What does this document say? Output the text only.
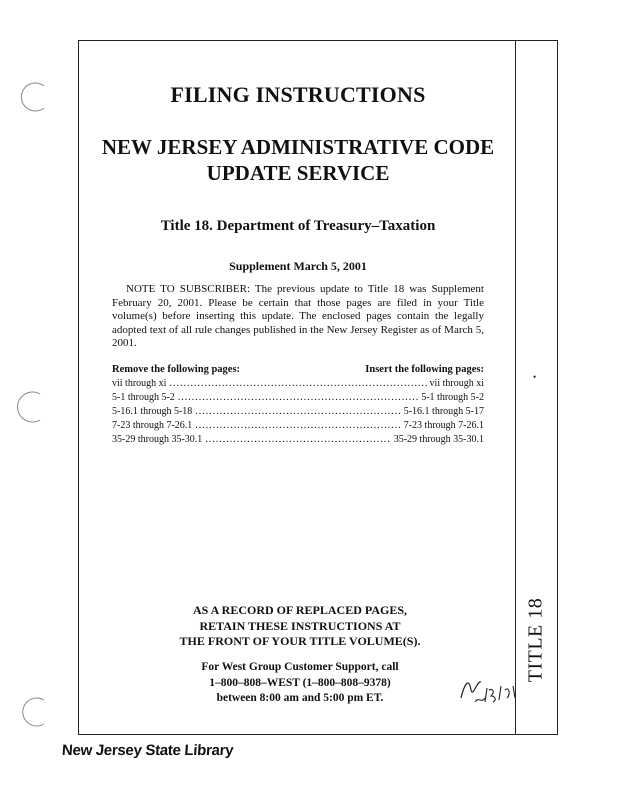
TITLE 18
•
FILING INSTRUCTIONS
NEW JERSEY ADMINISTRATIVE CODE
UPDATE SERVICE
Title 18. Department of Treasury–Taxation
Supplement March 5, 2001

NOTE TO SUBSCRIBER: The previous update to Title 18 was Supplement February 20, 2001. Please be certain that those pages are filed in your Title volume(s) before inserting this update. The enclosed pages contain the legally adopted text of all rule changes published in the New Jersey Register as of March 5, 2001.

Remove the following pages:	Insert the following pages:
vii through xi .....	vii through xi
5-1 through 5-2 .....	5-1 through 5-2
5-16.1 through 5-18 .....	5-16.1 through 5-17
7-23 through 7-26.1 .....	7-23 through 7-26.1
35-29 through 35-30.1 .....	35-29 through 35-30.1
AS A RECORD OF REPLACED PAGES,
RETAIN THESE INSTRUCTIONS AT
THE FRONT OF YOUR TITLE VOLUME(S).
For West Group Customer Support, call
1–800–808–WEST (1–800–808–9378)
between 8:00 am and 5:00 pm ET.
New Jersey State Library
